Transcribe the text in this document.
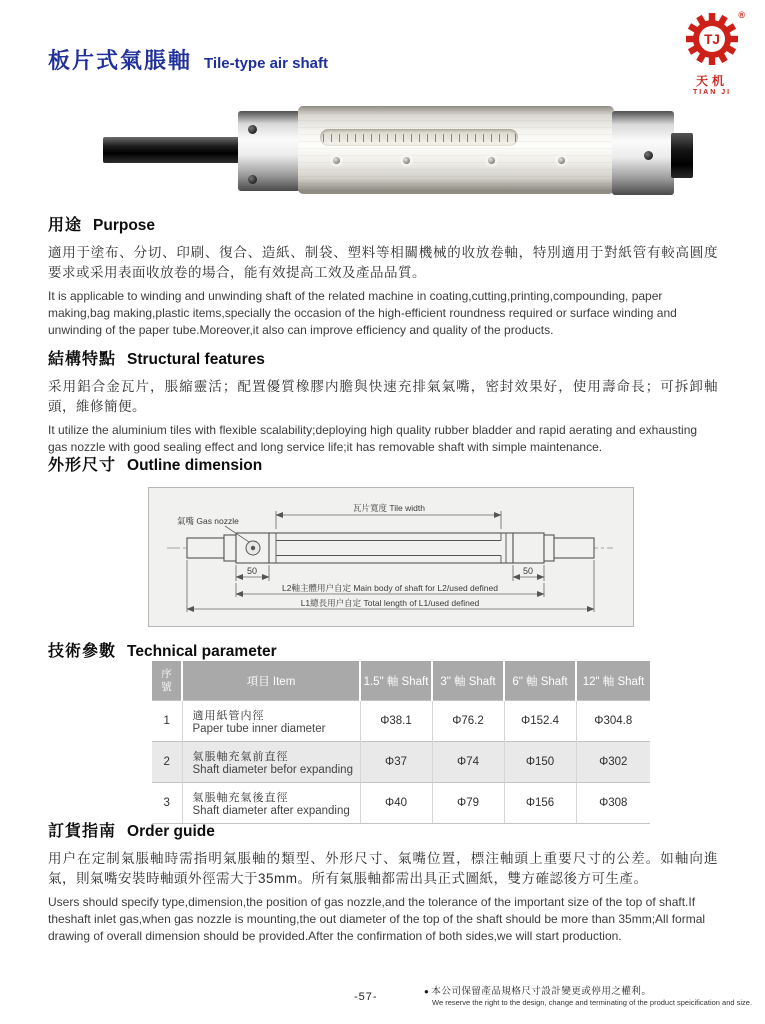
®
TJ
天机
TIAN JI
板片式氣脹軸 Tile-type air shaft
用途 Purpose
適用于塗布、分切、印刷、復合、造紙、制袋、塑料等相關機械的收放卷軸，特別適用于對紙管有較高圓度要求或采用表面收放卷的場合，能有效提高工效及產品品質。
It is applicable to winding and unwinding shaft of the related machine in coating,cutting,printing,compounding, paper making,bag making,plastic items,specially the occasion of the high-efficient roundness required or surface winding and unwinding of the paper tube.Moreover,it also can improve efficiency and quality of the products.
結構特點 Structural features
采用鋁合金瓦片，脹縮靈活；配置優質橡膠内膽與快速充排氣氣嘴，密封效果好，使用壽命長；可拆卸軸頭，維修簡便。
It utilize the aluminium tiles with flexible scalability;deploying high quality rubber bladder and rapid aerating and exhausting gas nozzle with good sealing effect and long service life;it has removable shaft with simple maintenance.
外形尺寸 Outline dimension
瓦片寬度 Tile width
氣嘴 Gas nozzle
50	50
L2軸主體用户自定 Main body of shaft for L2/used defined
L1總長用户自定 Total length of L1/used defined
技術參數 Technical parameter
序
號	項目 Item	1.5" 軸 Shaft	3" 軸 Shaft	6" 軸 Shaft	12" 軸 Shaft
1	適用紙管内徑
Paper tube inner diameter	Φ38.1	Φ76.2	Φ152.4	Φ304.8
2	氣脹軸充氣前直徑
Shaft diameter befor expanding	Φ37	Φ74	Φ150	Φ302
3	氣脹軸充氣後直徑
Shaft diameter after expanding	Φ40	Φ79	Φ156	Φ308
訂貨指南 Order guide
用户在定制氣脹軸時需指明氣脹軸的類型、外形尺寸、氣嘴位置，標注軸頭上重要尺寸的公差。如軸向進氣，則氣嘴安裝時軸頭外徑需大于35mm。所有氣脹軸都需出具正式圖紙，雙方確認後方可生產。
Users should specify type,dimension,the position of gas nozzle,and the tolerance of the important size of the top of shaft.If theshaft inlet gas,when gas nozzle is mounting,the out diameter of the top of the shaft should be more than 35mm;All formal drawing of overall dimension should be provided.After the confirmation of both sides,we will start production.
-57-	● 本公司保留產品規格尺寸設計變更或停用之權利。
We reserve the right to the design, change and terminating of the product speicification and size.
